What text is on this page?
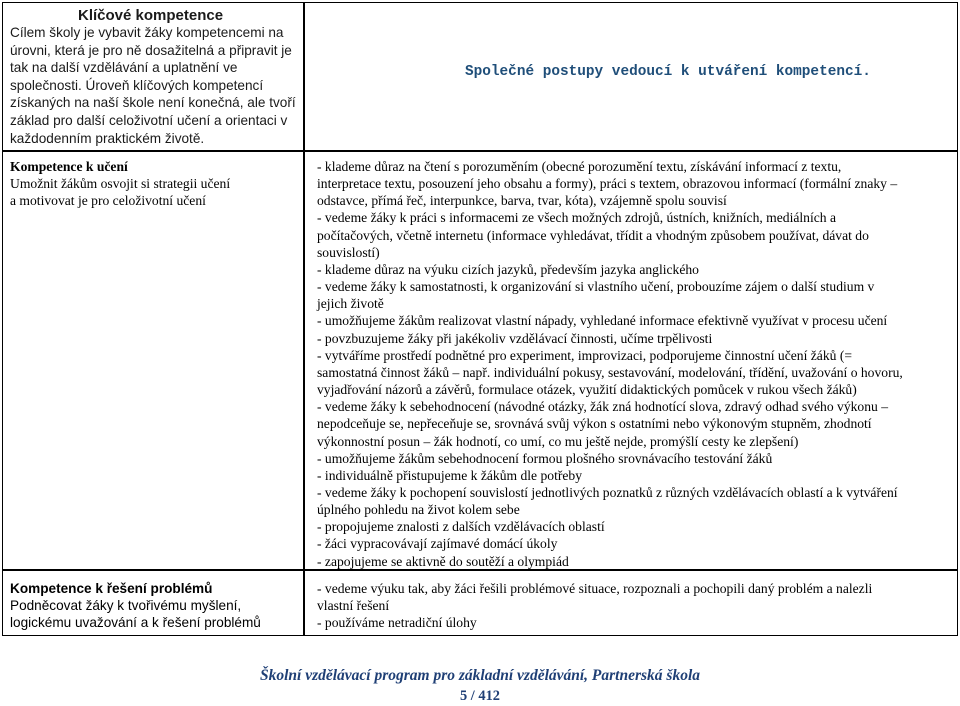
Klíčové kompetence
Cílem školy je vybavit žáky kompetencemi na
úrovni, která je pro ně dosažitelná a připravit je
tak na další vzdělávání a uplatnění ve
společnosti. Úroveň klíčových kompetencí
získaných na naší škole není konečná, ale tvoří
základ pro další celoživotní učení a orientaci v
každodenním praktickém životě.
Společné postupy vedoucí k utváření kompetencí.
Kompetence k učení
Umožnit žákům osvojit si strategii učení
a motivovat je pro celoživotní učení
- klademe důraz na čtení s porozuměním (obecné porozumění textu, získávání informací z textu,
interpretace textu, posouzení jeho obsahu a formy), práci s textem, obrazovou informací (formální znaky –
odstavce, přímá řeč, interpunkce, barva, tvar, kóta), vzájemně spolu souvisí
- vedeme žáky k práci s informacemi ze všech možných zdrojů, ústních, knižních, mediálních a
počítačových, včetně internetu (informace vyhledávat, třídit a vhodným způsobem používat, dávat do
souvislostí)
- klademe důraz na výuku cizích jazyků, především jazyka anglického
- vedeme žáky k samostatnosti, k organizování si vlastního učení, probouzíme zájem o další studium v
jejich životě
- umožňujeme žákům realizovat vlastní nápady, vyhledané informace efektivně využívat v procesu učení
- povzbuzujeme žáky při jakékoliv vzdělávací činnosti, učíme trpělivosti
- vytváříme prostředí podnětné pro experiment, improvizaci, podporujeme činnostní učení žáků (=
samostatná činnost žáků – např. individuální pokusy, sestavování, modelování, třídění, uvažování o hovoru,
vyjadřování názorů a závěrů, formulace otázek, využití didaktických pomůcek v rukou všech žáků)
- vedeme žáky k sebehodnocení (návodné otázky, žák zná hodnotící slova, zdravý odhad svého výkonu –
nepodceňuje se, nepřeceňuje se, srovnává svůj výkon s ostatními nebo výkonovým stupněm, zhodnotí
výkonnostní posun – žák hodnotí, co umí, co mu ještě nejde, promýšlí cesty ke zlepšení)
- umožňujeme žákům sebehodnocení formou plošného srovnávacího testování žáků
- individuálně přistupujeme k žákům dle potřeby
- vedeme žáky k pochopení souvislostí jednotlivých poznatků z různých vzdělávacích oblastí a k vytváření
úplného pohledu na život kolem sebe
- propojujeme znalosti z dalších vzdělávacích oblastí
- žáci vypracovávají zajímavé domácí úkoly
- zapojujeme se aktivně do soutěží a olympiád
Kompetence k řešení problémů
Podněcovat žáky k tvořivému myšlení,
logickému uvažování a k řešení problémů
- vedeme výuku tak, aby žáci řešili problémové situace, rozpoznali a pochopili daný problém a nalezli
vlastní řešení
- používáme netradiční úlohy
Školní vzdělávací program pro základní vzdělávání, Partnerská škola
5 / 412
